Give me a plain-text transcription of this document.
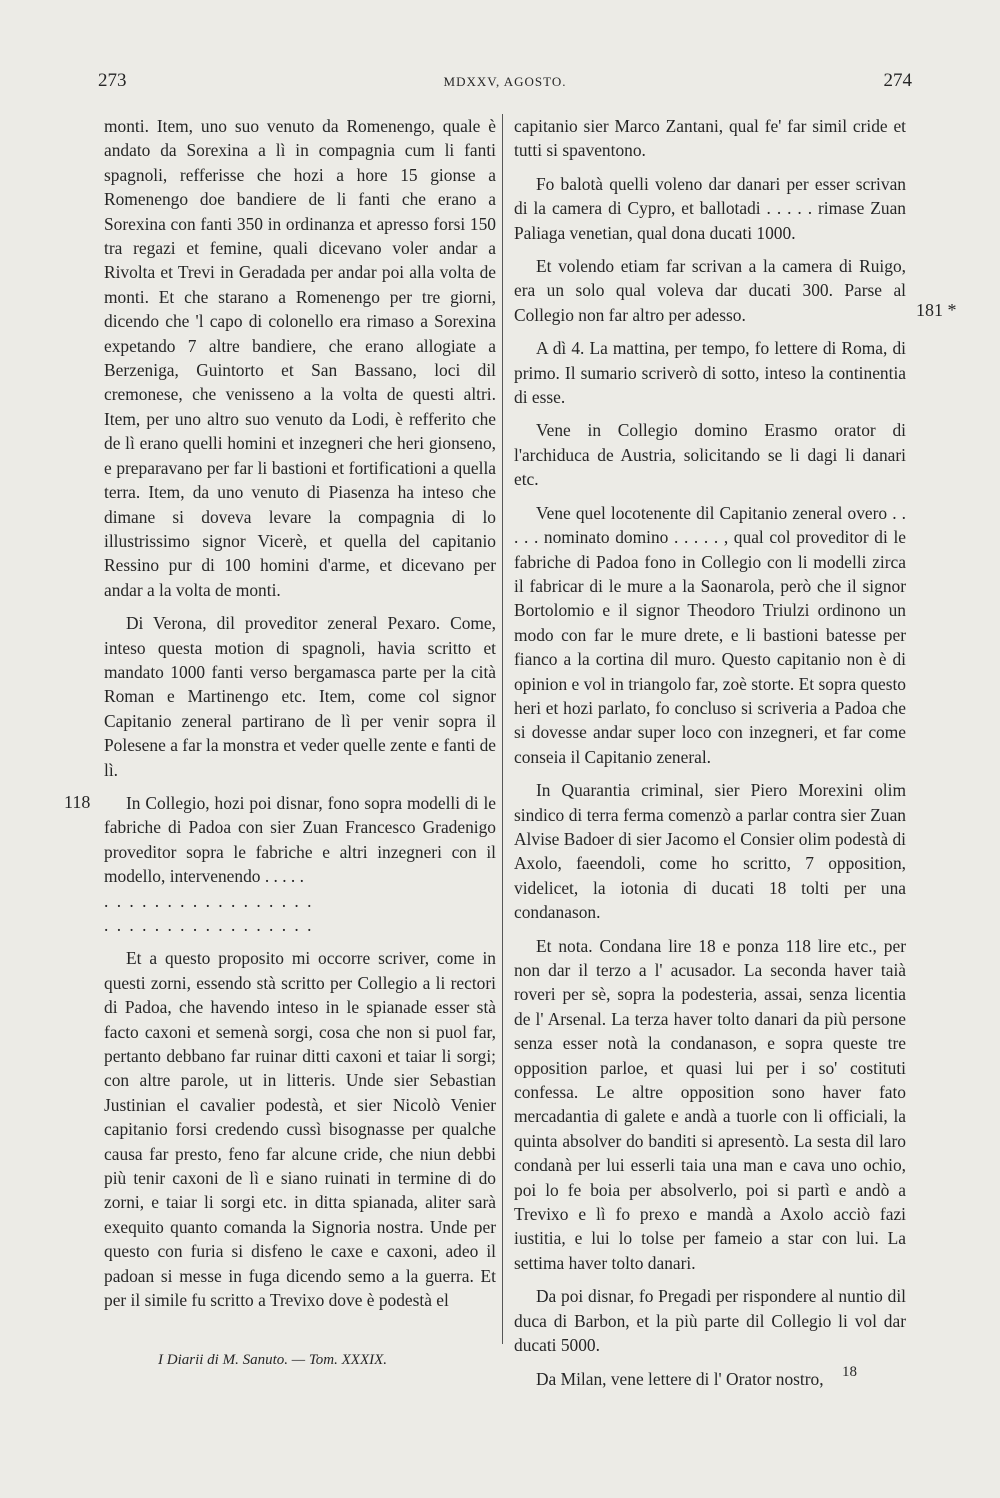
273	MDXXV, AGOSTO.	274

monti. Item, uno suo venuto da Romenengo, quale è andato da Sorexina a lì in compagnia cum li fanti spagnoli, refferisse che hozi a hore 15 gionse a Romenengo doe bandiere de li fanti che erano a Sorexina con fanti 350 in ordinanza et apresso forsi 150 tra regazi et femine, quali dicevano voler andar a Rivolta et Trevi in Geradada per andar poi alla volta de monti. Et che starano a Romenengo per tre giorni, dicendo che 'l capo di colonello era rimaso a Sorexina expetando 7 altre bandiere, che erano allogiate a Berzeniga, Guintorto et San Bassano, loci dil cremonese, che venisseno a la volta de questi altri. Item, per uno altro suo venuto da Lodi, è refferito che de lì erano quelli homini et inzegneri che heri gionseno, e preparavano per far li bastioni et fortificationi a quella terra. Item, da uno venuto di Piasenza ha inteso che dimane si doveva levare la compagnia di lo illustrissimo signor Vicerè, et quella del capitanio Ressino pur di 100 homini d'arme, et dicevano per andar a la volta de monti.

Di Verona, dil proveditor zeneral Pexaro. Come, inteso questa motion di spagnoli, havia scritto et mandato 1000 fanti verso bergamasca parte per la cità Roman e Martinengo etc. Item, come col signor Capitanio zeneral partirano de lì per venir sopra il Polesene a far la monstra et veder quelle zente e fanti de lì.

In Collegio, hozi poi disnar, fono sopra modelli di le fabriche di Padoa con sier Zuan Francesco Gradenigo proveditor sopra le fabriche e altri inzegneri con il modello, intervenendo . . . . .

. . . . . . . . . . . . . . . . .

. . . . . . . . . . . . . . . . .

Et a questo proposito mi occorre scriver, come in questi zorni, essendo stà scritto per Collegio a li rectori di Padoa, che havendo inteso in le spianade esser stà facto caxoni et semenà sorgi, cosa che non si puol far, pertanto debbano far ruinar ditti caxoni et taiar li sorgi; con altre parole, ut in litteris. Unde sier Sebastian Justinian el cavalier podestà, et sier Nicolò Venier capitanio forsi credendo cussì bisognasse per qualche causa far presto, feno far alcune cride, che niun debbi più tenir caxoni de lì e siano ruinati in termine di do zorni, e taiar li sorgi etc. in ditta spianada, aliter sarà exequito quanto comanda la Signoria nostra. Unde per questo con furia si disfeno le caxe e caxoni, adeo il padoan si messe in fuga dicendo semo a la guerra. Et per il simile fu scritto a Trevixo dove è podestà el

capitanio sier Marco Zantani, qual fe' far simil cride et tutti si spaventono.

Fo balotà quelli voleno dar danari per esser scrivan di la camera di Cypro, et ballotadi . . . . . rimase Zuan Paliaga venetian, qual dona ducati 1000.

Et volendo etiam far scrivan a la camera di Ruigo, era un solo qual voleva dar ducati 300. Parse al Collegio non far altro per adesso.

A dì 4. La mattina, per tempo, fo lettere di Roma, di primo. Il sumario scriverò di sotto, inteso la continentia di esse.

Vene in Collegio domino Erasmo orator di l'archiduca de Austria, solicitando se li dagi li danari etc.

Vene quel locotenente dil Capitanio zeneral overo . . . . . nominato domino . . . . . , qual col proveditor di le fabriche di Padoa fono in Collegio con li modelli zirca il fabricar di le mure a la Saonarola, però che il signor Bortolomio e il signor Theodoro Triulzi ordinono un modo con far le mure drete, e li bastioni batesse per fianco a la cortina dil muro. Questo capitanio non è di opinion e vol in triangolo far, zoè storte. Et sopra questo heri et hozi parlato, fo concluso si scriveria a Padoa che si dovesse andar super loco con inzegneri, et far come conseia il Capitanio zeneral.

In Quarantia criminal, sier Piero Morexini olim sindico di terra ferma comenzò a parlar contra sier Zuan Alvise Badoer di sier Jacomo el Consier olim podestà di Axolo, faeendoli, come ho scritto, 7 opposition, videlicet, la iotonia di ducati 18 tolti per una condanason.

Et nota. Condana lire 18 e ponza 118 lire etc., per non dar il terzo a l' acusador. La seconda haver taià roveri per sè, sopra la podesteria, assai, senza licentia de l' Arsenal. La terza haver tolto danari da più persone senza esser notà la condanason, e sopra queste tre opposition parloe, et quasi lui per i so' costituti confessa. Le altre opposition sono haver fato mercadantia di galete e andà a tuorle con li officiali, la quinta absolver do banditi si apresentò. La sesta dil laro condanà per lui esserli taia una man e cava uno ochio, poi lo fe boia per absolverlo, poi si partì e andò a Trevixo e lì fo prexo e mandà a Axolo acciò fazi iustitia, e lui lo tolse per fameio a star con lui. La settima haver tolto danari.

Da poi disnar, fo Pregadi per rispondere al nuntio dil duca di Barbon, et la più parte dil Collegio li vol dar ducati 5000.

Da Milan, vene lettere di l' Orator nostro,

118
181 *
I Diarii di M. Sanuto. — Tom. XXXIX.
18
